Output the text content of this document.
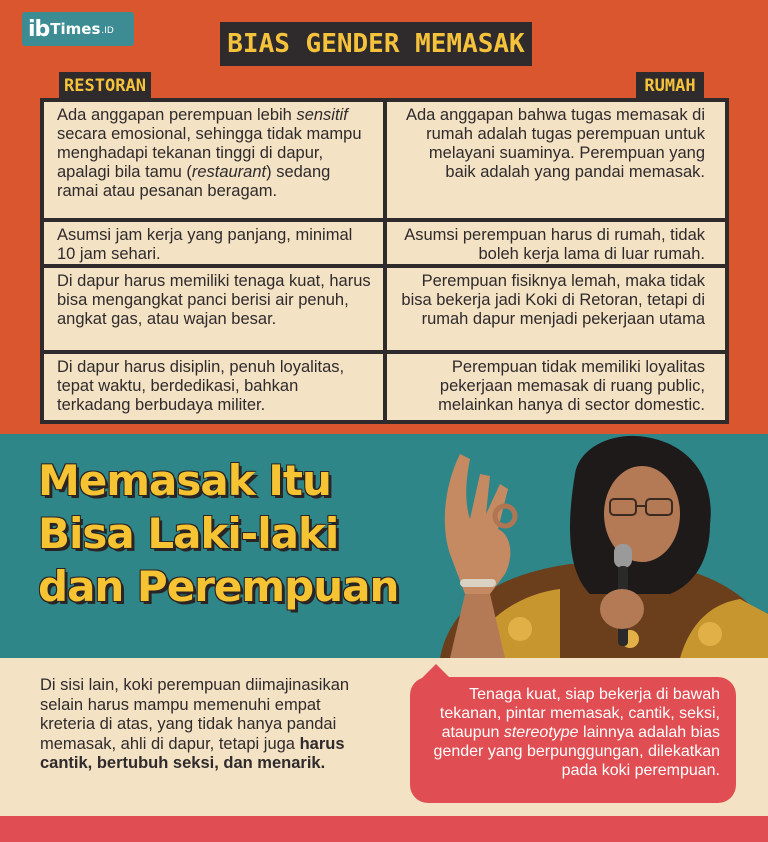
ib Times .ID	BIAS GENDER MEMASAK
RESTORAN	RUMAH
Ada anggapan perempuan lebih sensitif secara emosional, sehingga tidak mampu menghadapi tekanan tinggi di dapur, apalagi bila tamu (restaurant) sedang ramai atau pesanan beragam.
Ada anggapan bahwa tugas memasak di rumah adalah tugas perempuan untuk melayani suaminya. Perempuan yang baik adalah yang pandai memasak.
Asumsi jam kerja yang panjang, minimal 10 jam sehari.
Asumsi perempuan harus di rumah, tidak boleh kerja lama di luar rumah.
Di dapur harus memiliki tenaga kuat, harus bisa mengangkat panci berisi air penuh, angkat gas, atau wajan besar.
Perempuan fisiknya lemah, maka tidak bisa bekerja jadi Koki di Retoran, tetapi di rumah dapur menjadi pekerjaan utama
Di dapur harus disiplin, penuh loyalitas, tepat waktu, berdedikasi, bahkan terkadang berbudaya militer.
Perempuan tidak memiliki loyalitas pekerjaan memasak di ruang public, melainkan hanya di sector domestic.
Memasak Itu
Bisa Laki-laki
dan Perempuan
Di sisi lain, koki perempuan diimajinasikan selain harus mampu memenuhi empat kreteria di atas, yang tidak hanya pandai memasak, ahli di dapur, tetapi juga harus cantik, bertubuh seksi, dan menarik.
Tenaga kuat, siap bekerja di bawah tekanan, pintar memasak, cantik, seksi, ataupun stereotype lainnya adalah bias gender yang berpunggungan, dilekatkan pada koki perempuan.
